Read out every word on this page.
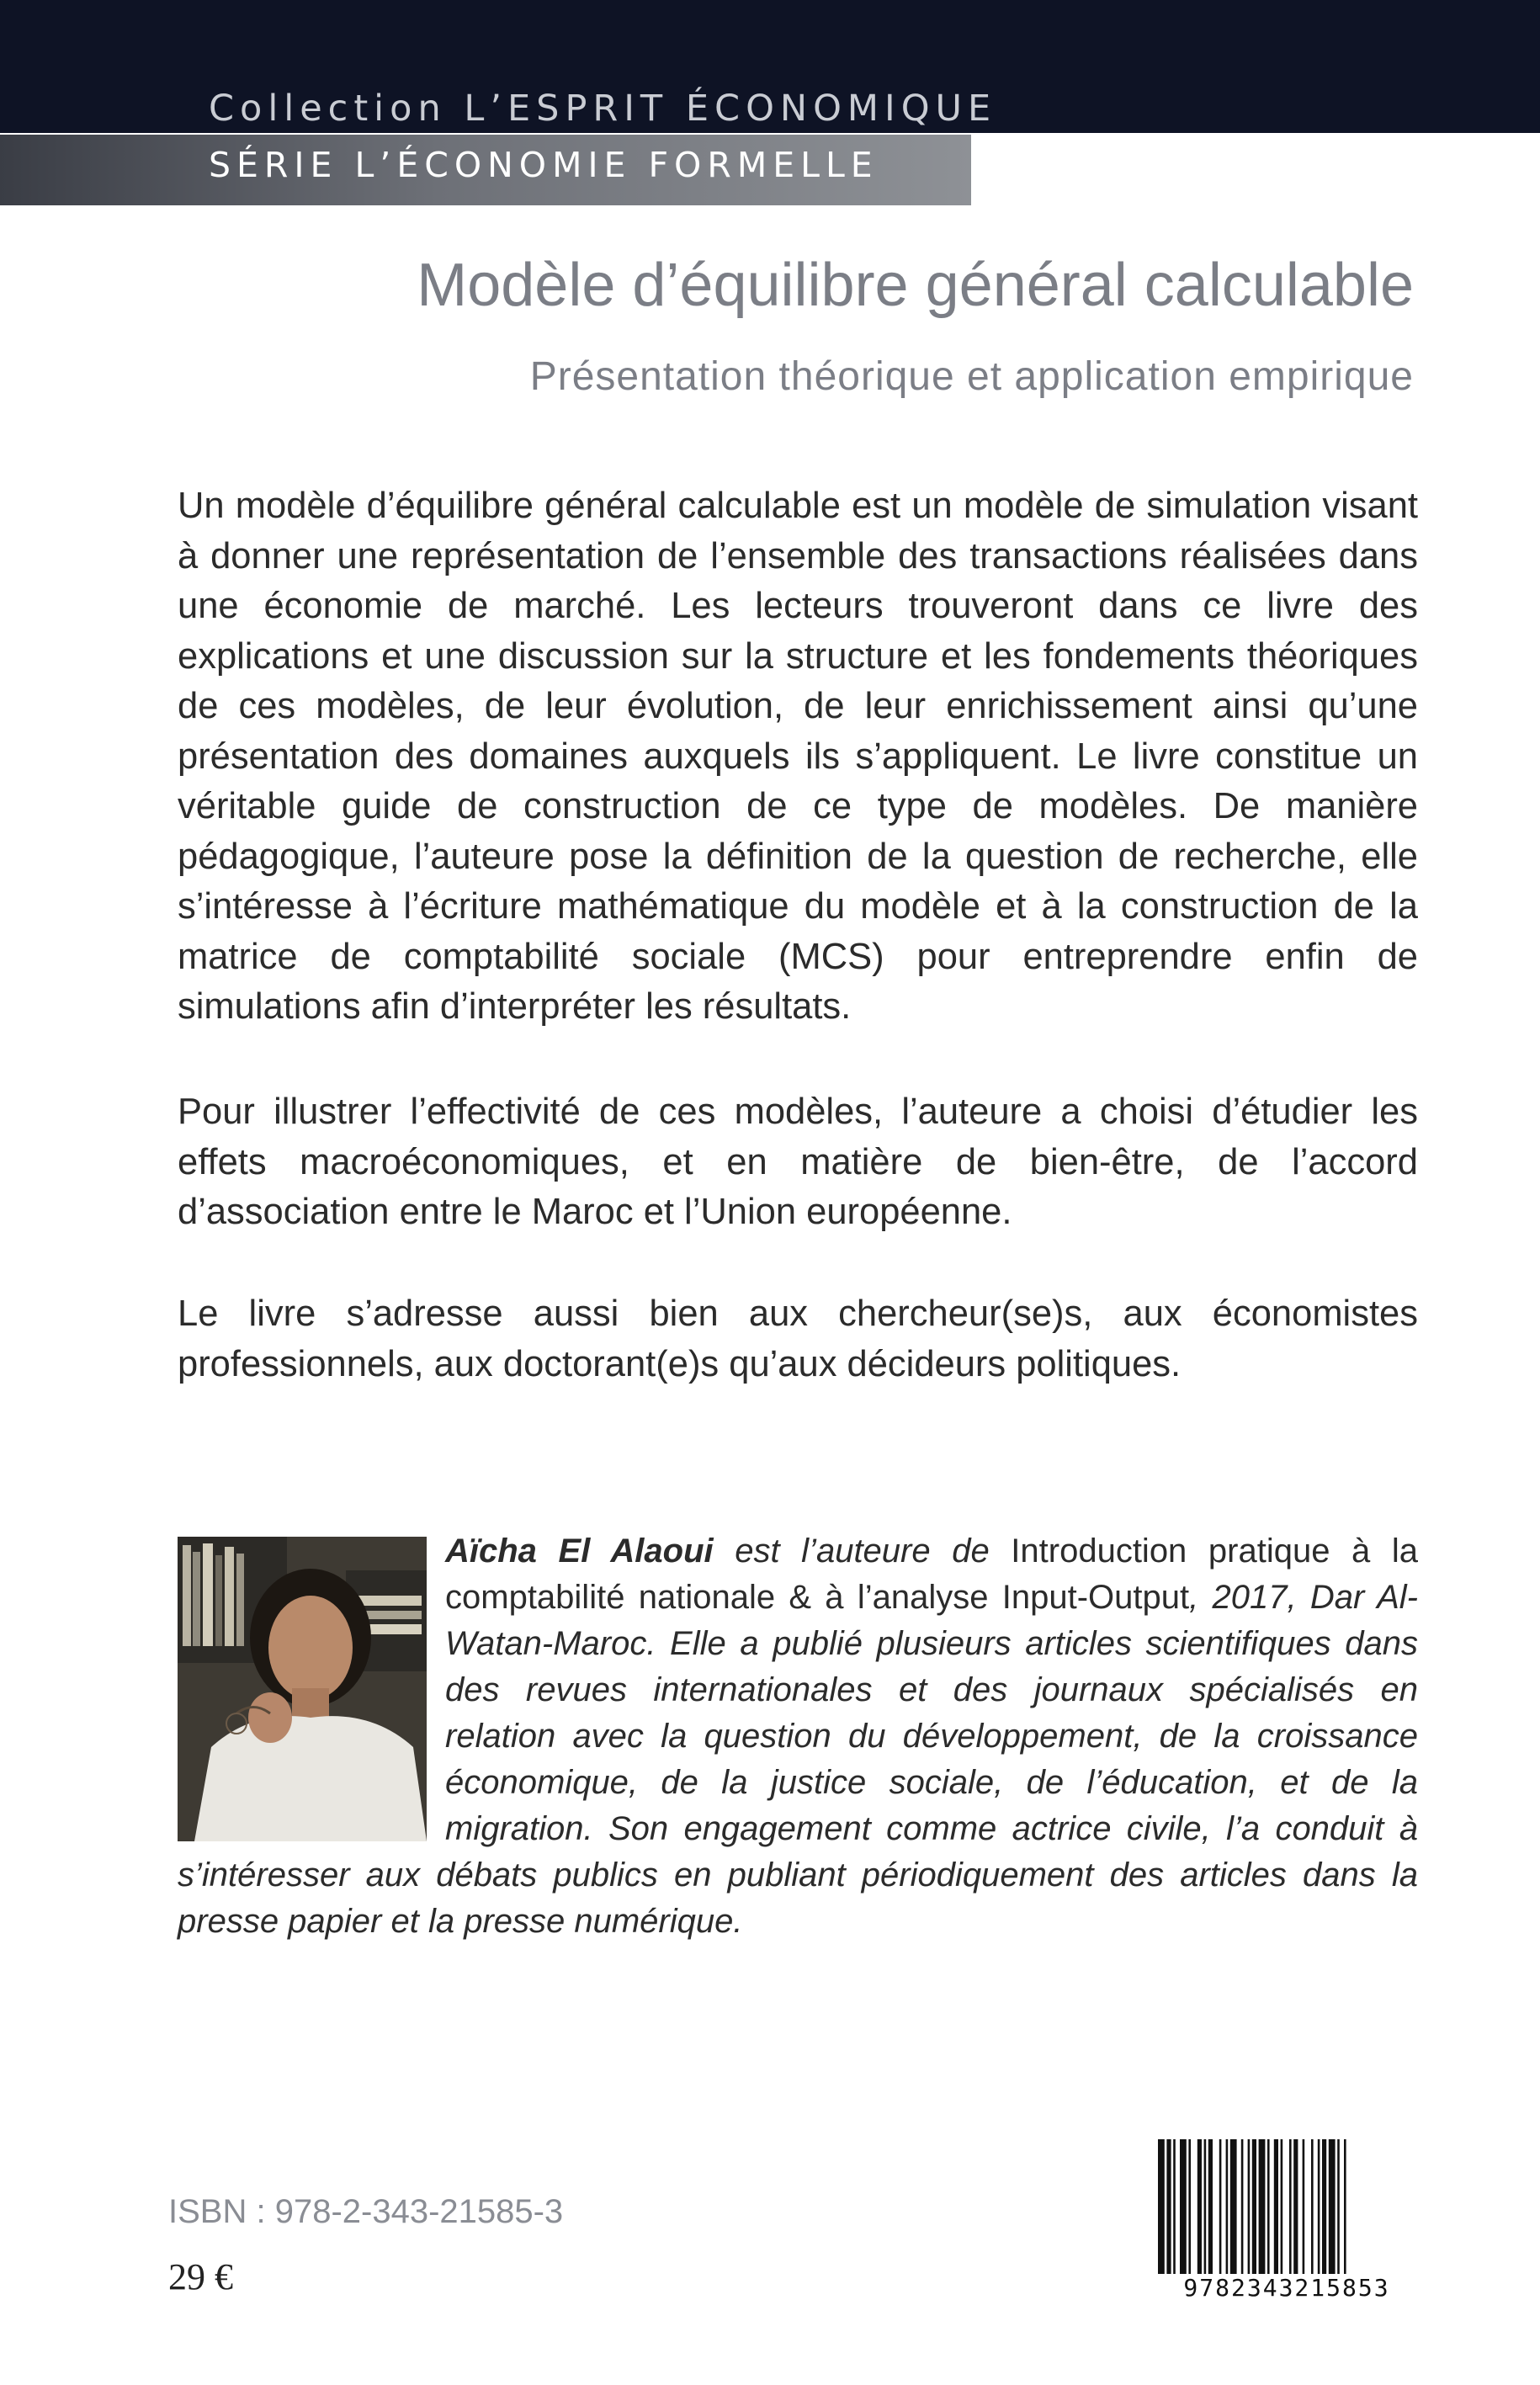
Collection L’ESPRIT ÉCONOMIQUE
SÉRIE L’ÉCONOMIE FORMELLE
Modèle d’équilibre général calculable
Présentation théorique et application empirique
Un modèle d’équilibre général calculable est un modèle de simulation visant à donner une représentation de l’ensemble des transactions réalisées dans une économie de marché. Les lecteurs trouveront dans ce livre des explications et une discussion sur la structure et les fondements théoriques de ces modèles, de leur évolution, de leur enrichissement ainsi qu’une présentation des domaines auxquels ils s’appliquent. Le livre constitue un véritable guide de construction de ce type de modèles. De manière pédagogique, l’auteure pose la définition de la question de recherche, elle s’intéresse à l’écriture mathématique du modèle et à la construction de la matrice de comptabilité sociale (MCS) pour entreprendre enfin de simulations afin d’interpréter les résultats.
Pour illustrer l’effectivité de ces modèles, l’auteure a choisi d’étudier les effets macroéconomiques, et en matière de bien-être, de l’accord d’association entre le Maroc et l’Union européenne.
Le livre s’adresse aussi bien aux chercheur(se)s, aux économistes professionnels, aux doctorant(e)s qu’aux décideurs politiques.
Aïcha El Alaoui est l’auteure de Introduction pratique à la comptabilité nationale & à l’analyse Input-Output, 2017, Dar Al-Watan-Maroc. Elle a publié plusieurs articles scientifiques dans des revues internationales et des journaux spécialisés en relation avec la question du développement, de la croissance économique, de la justice sociale, de l’éducation, et de la migration. Son engagement comme actrice civile, l’a conduit à s’intéresser aux débats publics en publiant périodiquement des articles dans la presse papier et la presse numérique.
ISBN : 978-2-343-21585-3
29 €	9782343215853
